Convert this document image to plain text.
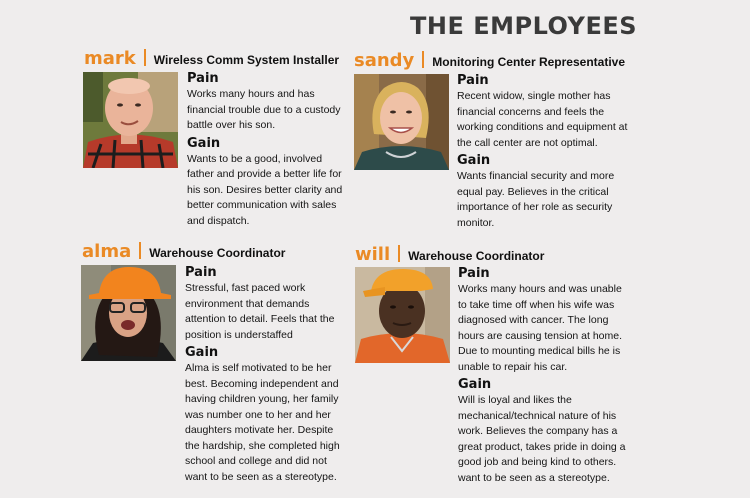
THE EMPLOYEES
mark Wireless Comm System Installer
Pain
Works many hours and has financial trouble due to a custody battle over his son.
Gain
Wants to be a good, involved father and provide a better life for his son. Desires better clarity and better communication with sales and dispatch.
sandy Monitoring Center Representative
Pain
Recent widow, single mother has financial concerns and feels the working conditions and equipment at the call center are not optimal.
Gain
Wants financial security and more equal pay. Believes in the critical importance of her role as security monitor.
alma Warehouse Coordinator
Pain
Stressful, fast paced work environment that demands attention to detail. Feels that the position is understaffed
Gain
Alma is self motivated to be her best. Becoming independent and having children young, her family was number one to her and her daughters motivate her. Despite the hardship, she completed high school and college and did not want to be seen as a stereotype.
will Warehouse Coordinator
Pain
Works many hours and was unable to take time off when his wife was diagnosed with cancer. The long hours are causing tension at home. Due to mounting medical bills he is unable to repair his car.
Gain
Will is loyal and likes the mechanical/technical nature of his work. Believes the company has a great product, takes pride in doing a good job and being kind to others. want to be seen as a stereotype.
